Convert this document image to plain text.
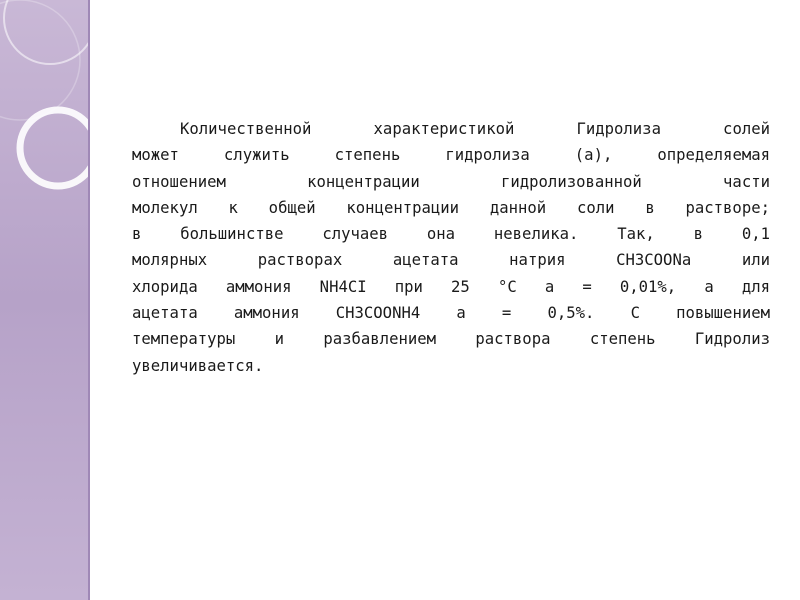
Количественной характеристикой Гидролиза солей
может служить степень гидролиза (а), определяемая
отношением концентрации гидролизованной части
молекул к общей концентрации данной соли в растворе;
в большинстве случаев она невелика. Так, в 0,1
молярных растворах ацетата натрия CH3COONa или
хлорида аммония NH4CI при 25 °С а = 0,01%, а для
ацетата аммония CH3COONH4 а = 0,5%. С повышением
температуры и разбавлением раствора степень Гидролиз
увеличивается.
